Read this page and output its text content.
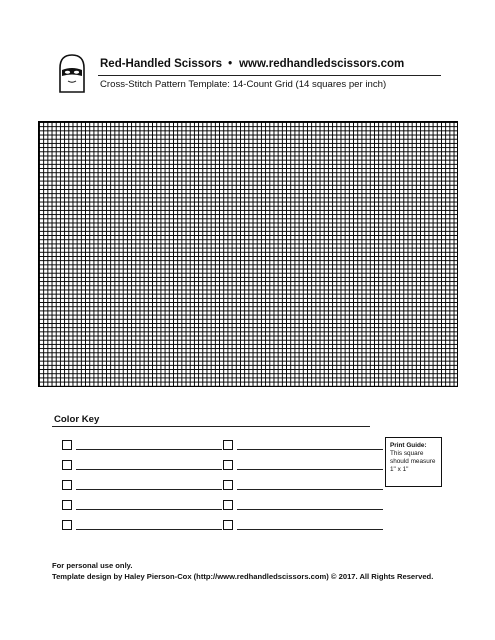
Red-Handled Scissors • www.redhandledscissors.com
Cross-Stitch Pattern Template: 14-Count Grid (14 squares per inch)
Color Key
Print Guide:
This square
should measure
1" x 1"
For personal use only.
Template design by Haley Pierson-Cox (http://www.redhandledscissors.com) © 2017. All Rights Reserved.
